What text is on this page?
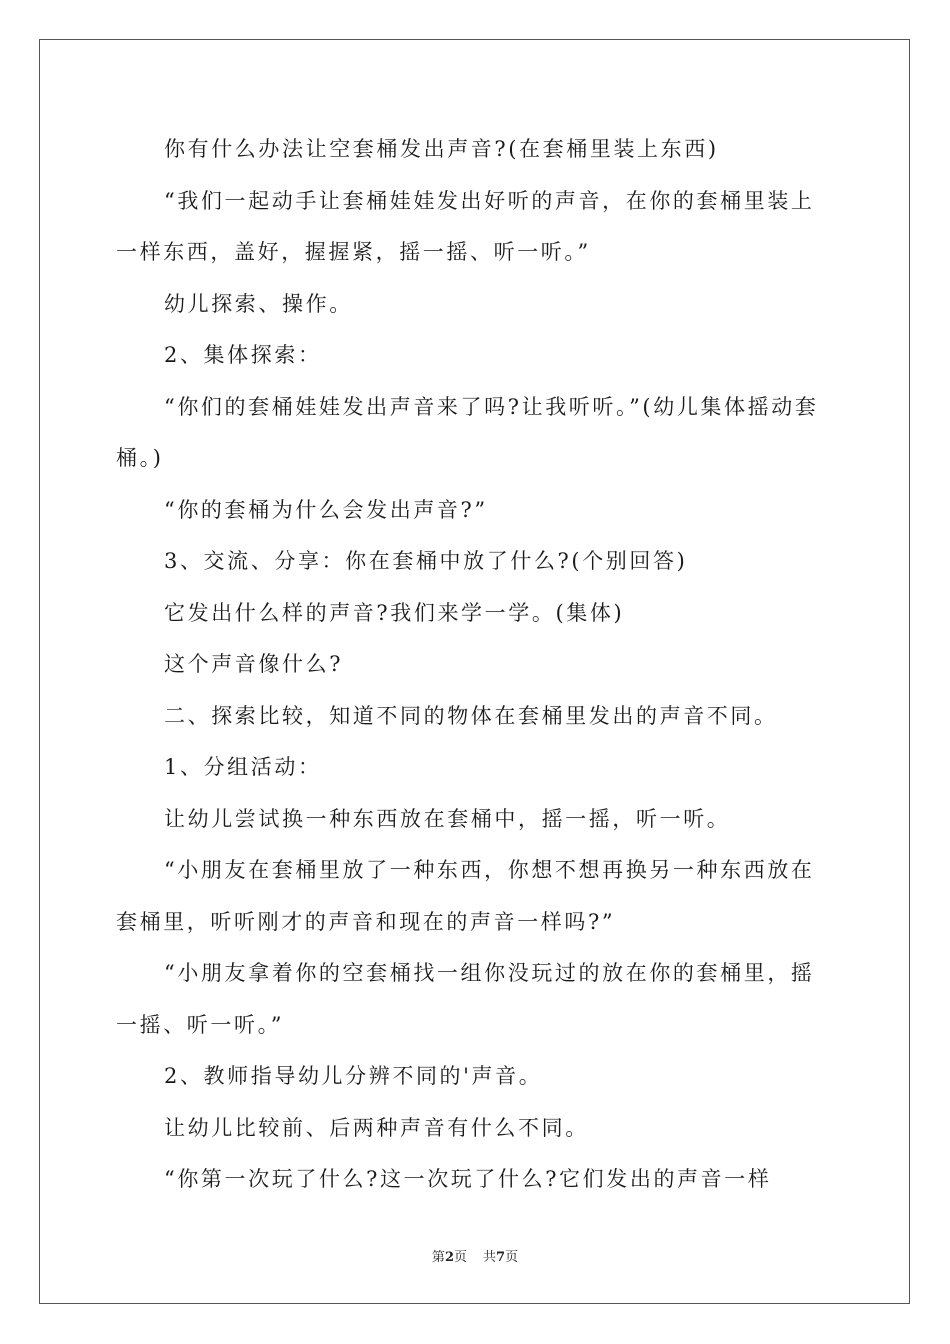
你有什么办法让空套桶发出声音?(在套桶里装上东西)

“我们一起动手让套桶娃娃发出好听的声音，在你的套桶里装上一样东西，盖好，握握紧，摇一摇、听一听。”

幼儿探索、操作。

2、集体探索：

“你们的套桶娃娃发出声音来了吗?让我听听。”(幼儿集体摇动套桶。)

“你的套桶为什么会发出声音?”

3、交流、分享：你在套桶中放了什么?(个别回答)

它发出什么样的声音?我们来学一学。(集体)

这个声音像什么?

二、探索比较，知道不同的物体在套桶里发出的声音不同。

1、分组活动：

让幼儿尝试换一种东西放在套桶中，摇一摇，听一听。

“小朋友在套桶里放了一种东西，你想不想再换另一种东西放在套桶里，听听刚才的声音和现在的声音一样吗?”

“小朋友拿着你的空套桶找一组你没玩过的放在你的套桶里，摇一摇、听一听。”

2、教师指导幼儿分辨不同的'声音。

让幼儿比较前、后两种声音有什么不同。

“你第一次玩了什么?这一次玩了什么?它们发出的声音一样

第2页 共7页
